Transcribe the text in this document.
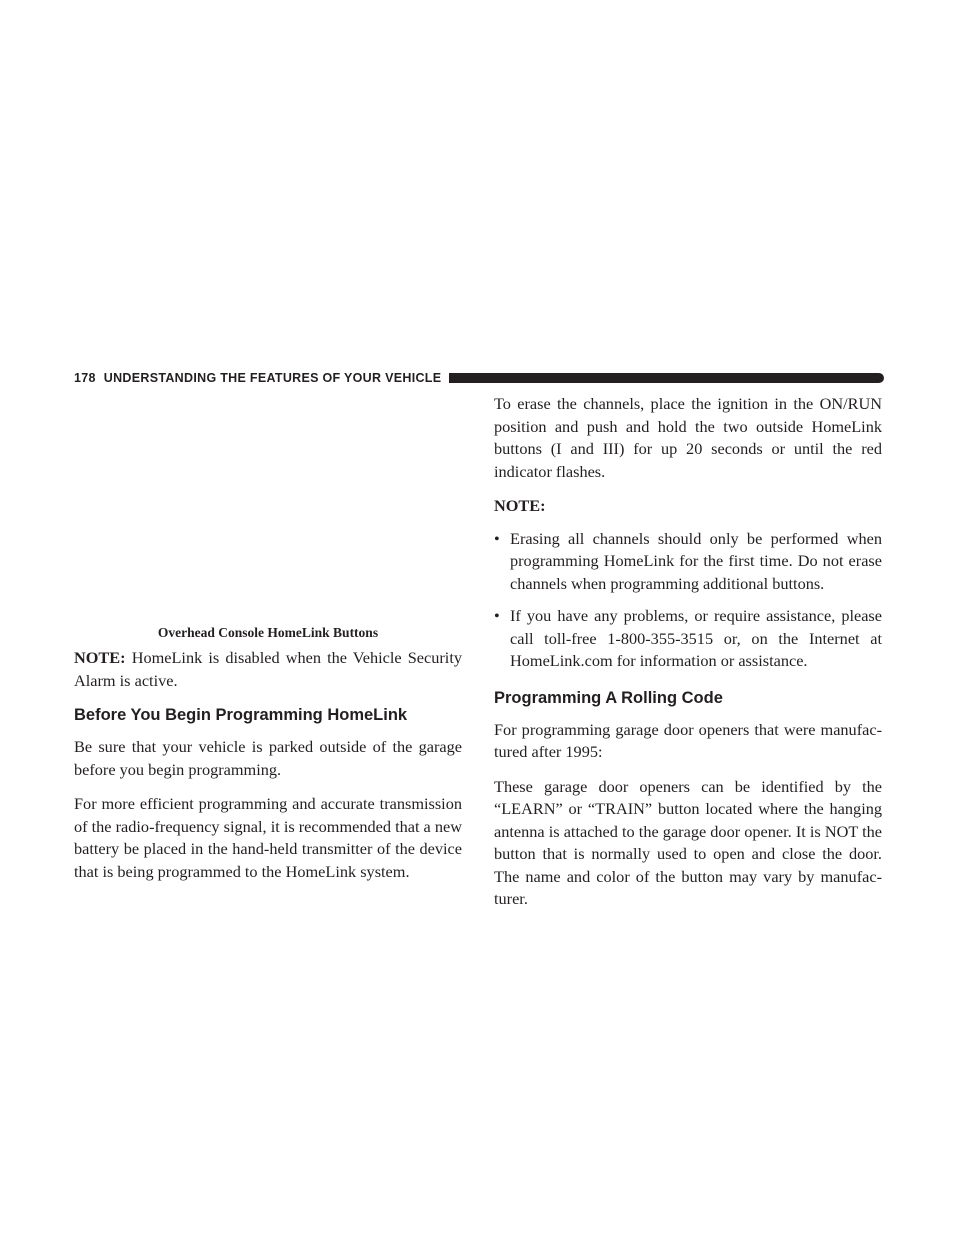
178 UNDERSTANDING THE FEATURES OF YOUR VEHICLE
Overhead Console HomeLink Buttons

NOTE: HomeLink is disabled when the Vehicle Security Alarm is active.

Before You Begin Programming HomeLink

Be sure that your vehicle is parked outside of the garage before you begin programming.

For more efficient programming and accurate transmission of the radio-frequency signal, it is recommended that a new battery be placed in the hand-held transmitter of the device that is being programmed to the HomeLink system.

To erase the channels, place the ignition in the ON/RUN position and push and hold the two outside HomeLink buttons (I and III) for up 20 seconds or until the red indicator flashes.

NOTE:

• Erasing all channels should only be performed when programming HomeLink for the first time. Do not erase channels when programming additional buttons.
• If you have any problems, or require assistance, please call toll-free 1-800-355-3515 or, on the Internet at HomeLink.com for information or assistance.
Programming A Rolling Code

For programming garage door openers that were manufac-tured after 1995:

These garage door openers can be identified by the “LEARN” or “TRAIN” button located where the hanging antenna is attached to the garage door opener. It is NOT the button that is normally used to open and close the door. The name and color of the button may vary by manufac-turer.
